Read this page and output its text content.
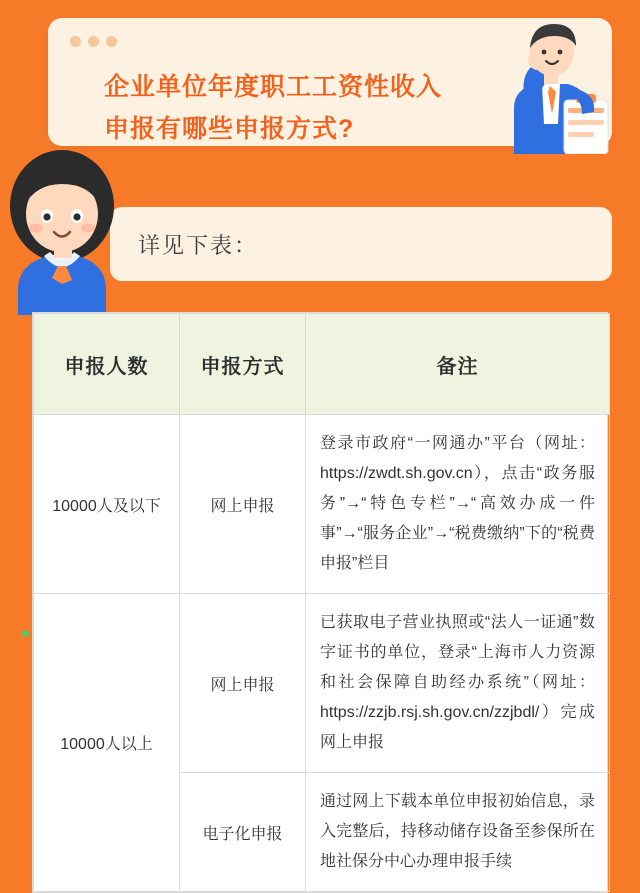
企业单位年度职工工资性收入
申报有哪些申报方式?
详见下表：
申报人数	申报方式	备注
10000人及以下	网上申报	登录市政府“一网通办”平台（网址：https://zwdt.sh.gov.cn），点击“政务服务”→“特色专栏”→“高效办成一件事”→“服务企业”→“税费缴纳”下的“税费申报”栏目
10000人以上	网上申报	已获取电子营业执照或“法人一证通”数字证书的单位，登录“上海市人力资源和社会保障自助经办系统”（网址： https://zzjb.rsj.sh.gov.cn/zzjbdl/）完成网上申报
	电子化申报	通过网上下载本单位申报初始信息，录入完整后，持移动储存设备至参保所在地社保分中心办理申报手续
